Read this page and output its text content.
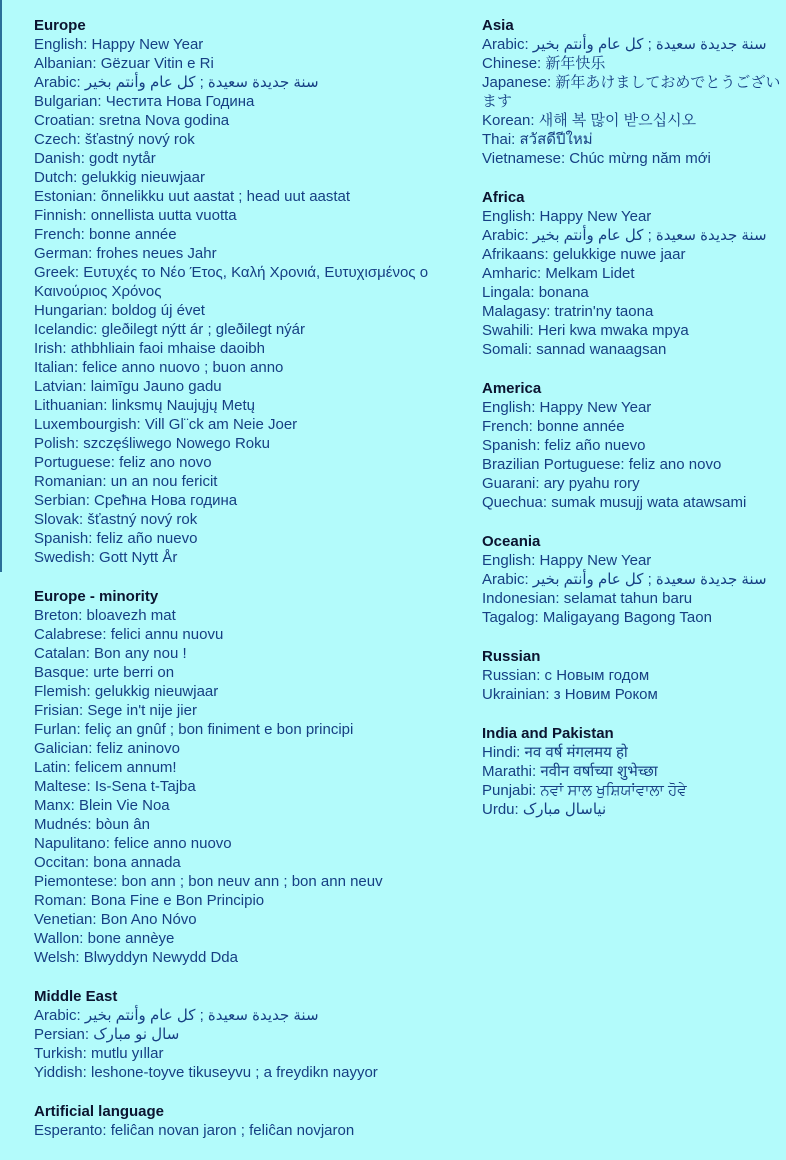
Europe
English: Happy New Year
Albanian: Gëzuar Vitin e Ri
Arabic: سنة جديدة سعيدة ; كل عام وأنتم بخير
Bulgarian: Честита Нова Година
Croatian: sretna Nova godina
Czech: šťastný nový rok
Danish: godt nytår
Dutch: gelukkig nieuwjaar
Estonian: õnnelikku uut aastat ; head uut aastat
Finnish: onnellista uutta vuotta
French: bonne année
German: frohes neues Jahr
Greek: Ευτυχές το Νέο Έτος, Καλή Χρονιά, Ευτυχισμένος ο Καινούριος Χρόνος
Hungarian: boldog új évet
Icelandic: gleðilegt nýtt ár ; gleðilegt nýár
Irish: athbhliain faoi mhaise daoibh
Italian: felice anno nuovo ; buon anno
Latvian: laimīgu Jauno gadu
Lithuanian: linksmų Naujųjų Metų
Luxembourgish: Vill Gl¨ck am Neie Joer
Polish: szczęśliwego Nowego Roku
Portuguese: feliz ano novo
Romanian: un an nou fericit
Serbian: Срећна Нова година
Slovak: šťastný nový rok
Spanish: feliz año nuevo
Swedish: Gott Nytt År
Europe - minority
Breton: bloavezh mat
Calabrese: felici annu nuovu
Catalan: Bon any nou !
Basque: urte berri on
Flemish: gelukkig nieuwjaar
Frisian: Sege in't nije jier
Furlan: feliç an gnûf ; bon finiment e bon principi
Galician: feliz aninovo
Latin: felicem annum!
Maltese: Is-Sena t-Tajba
Manx: Blein Vie Noa
Mudnés: bòun ân
Napulitano: felice anno nuovo
Occitan: bona annada
Piemontese: bon ann ; bon neuv ann ; bon ann neuv
Roman: Bona Fine e Bon Principio
Venetian: Bon Ano Nóvo
Wallon: bone annèye
Welsh: Blwyddyn Newydd Dda
Middle East
Arabic: سنة جديدة سعيدة ; كل عام وأنتم بخير
Persian: سال نو مبارک
Turkish: mutlu yıllar
Yiddish: leshone-toyve tikuseyvu ; a freydikn nayyor
Artificial language
Esperanto: feliĉan novan jaron ; feliĉan novjaron
Asia
Arabic: سنة جديدة سعيدة ; كل عام وأنتم بخير
Chinese: 新年快乐
Japanese: 新年あけましておめでとうございます
Korean: 새해 복 많이 받으십시오
Thai: สวัสดีปีใหม่
Vietnamese: Chúc mừng năm mới
Africa
English: Happy New Year
Arabic: سنة جديدة سعيدة ; كل عام وأنتم بخير
Afrikaans: gelukkige nuwe jaar
Amharic: Melkam Lidet
Lingala: bonana
Malagasy: tratrin'ny taona
Swahili: Heri kwa mwaka mpya
Somali: sannad wanaagsan
America
English: Happy New Year
French: bonne année
Spanish: feliz año nuevo
Brazilian Portuguese: feliz ano novo
Guarani: ary pyahu rory
Quechua: sumak musujj wata atawsami
Oceania
English: Happy New Year
Arabic: سنة جديدة سعيدة ; كل عام وأنتم بخير
Indonesian: selamat tahun baru
Tagalog: Maligayang Bagong Taon
Russian
Russian: с Новым годом
Ukrainian: з Новим Роком
India and Pakistan
Hindi: नव वर्ष मंगलमय हो
Marathi: नवीन वर्षाच्या शुभेच्छा
Punjabi: ਨਵਾਂ ਸਾਲ ਖੁਸ਼ਿਯਾਂਵਾਲਾ ਹੋਵੇ
Urdu: نیاسال مبارک
